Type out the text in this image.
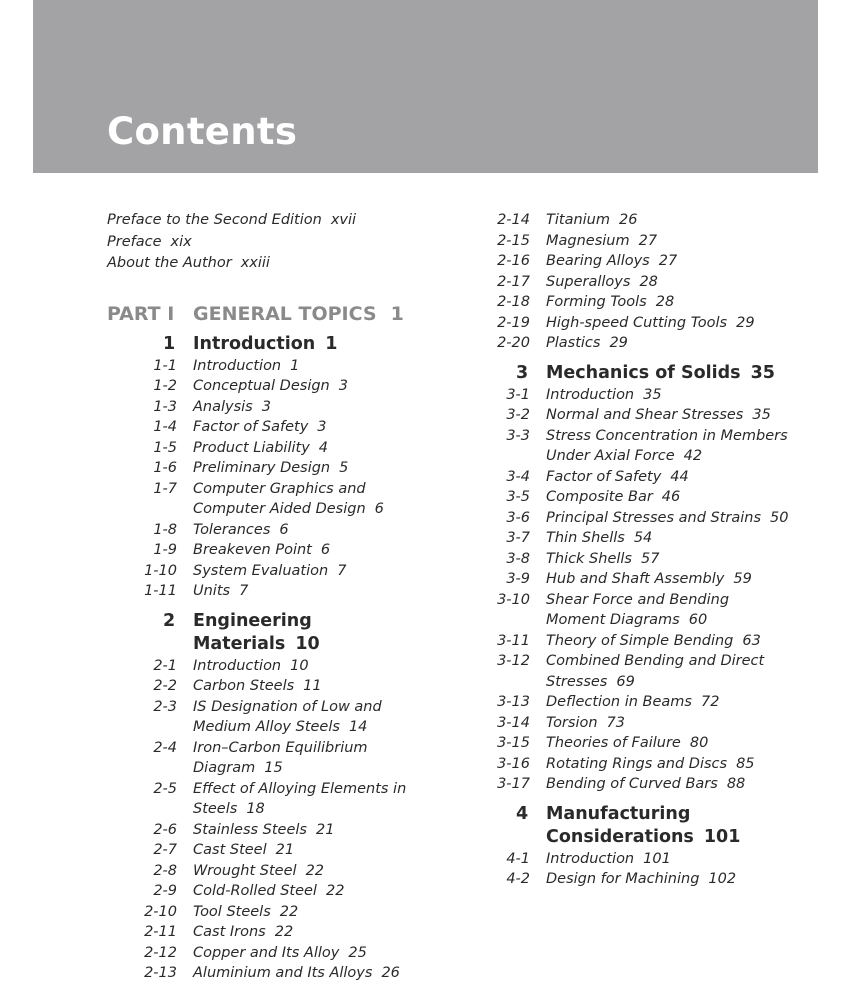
Contents
Preface to the Second Edition xvii
Preface xix
About the Author xxiii
PART I GENERAL TOPICS 1
1 Introduction 1
1-1 Introduction 1
1-2 Conceptual Design 3
1-3 Analysis 3
1-4 Factor of Safety 3
1-5 Product Liability 4
1-6 Preliminary Design 5
1-7 Computer Graphics and Computer Aided Design 6
1-8 Tolerances 6
1-9 Breakeven Point 6
1-10 System Evaluation 7
1-11 Units 7
2 Engineering Materials 10
2-1 Introduction 10
2-2 Carbon Steels 11
2-3 IS Designation of Low and Medium Alloy Steels 14
2-4 Iron–Carbon Equilibrium Diagram 15
2-5 Effect of Alloying Elements in Steels 18
2-6 Stainless Steels 21
2-7 Cast Steel 21
2-8 Wrought Steel 22
2-9 Cold-Rolled Steel 22
2-10 Tool Steels 22
2-11 Cast Irons 22
2-12 Copper and Its Alloy 25
2-13 Aluminium and Its Alloys 26
2-14 Titanium 26
2-15 Magnesium 27
2-16 Bearing Alloys 27
2-17 Superalloys 28
2-18 Forming Tools 28
2-19 High-speed Cutting Tools 29
2-20 Plastics 29
3 Mechanics of Solids 35
3-1 Introduction 35
3-2 Normal and Shear Stresses 35
3-3 Stress Concentration in Members Under Axial Force 42
3-4 Factor of Safety 44
3-5 Composite Bar 46
3-6 Principal Stresses and Strains 50
3-7 Thin Shells 54
3-8 Thick Shells 57
3-9 Hub and Shaft Assembly 59
3-10 Shear Force and Bending Moment Diagrams 60
3-11 Theory of Simple Bending 63
3-12 Combined Bending and Direct Stresses 69
3-13 Deflection in Beams 72
3-14 Torsion 73
3-15 Theories of Failure 80
3-16 Rotating Rings and Discs 85
3-17 Bending of Curved Bars 88
4 Manufacturing Considerations 101
4-1 Introduction 101
4-2 Design for Machining 102
